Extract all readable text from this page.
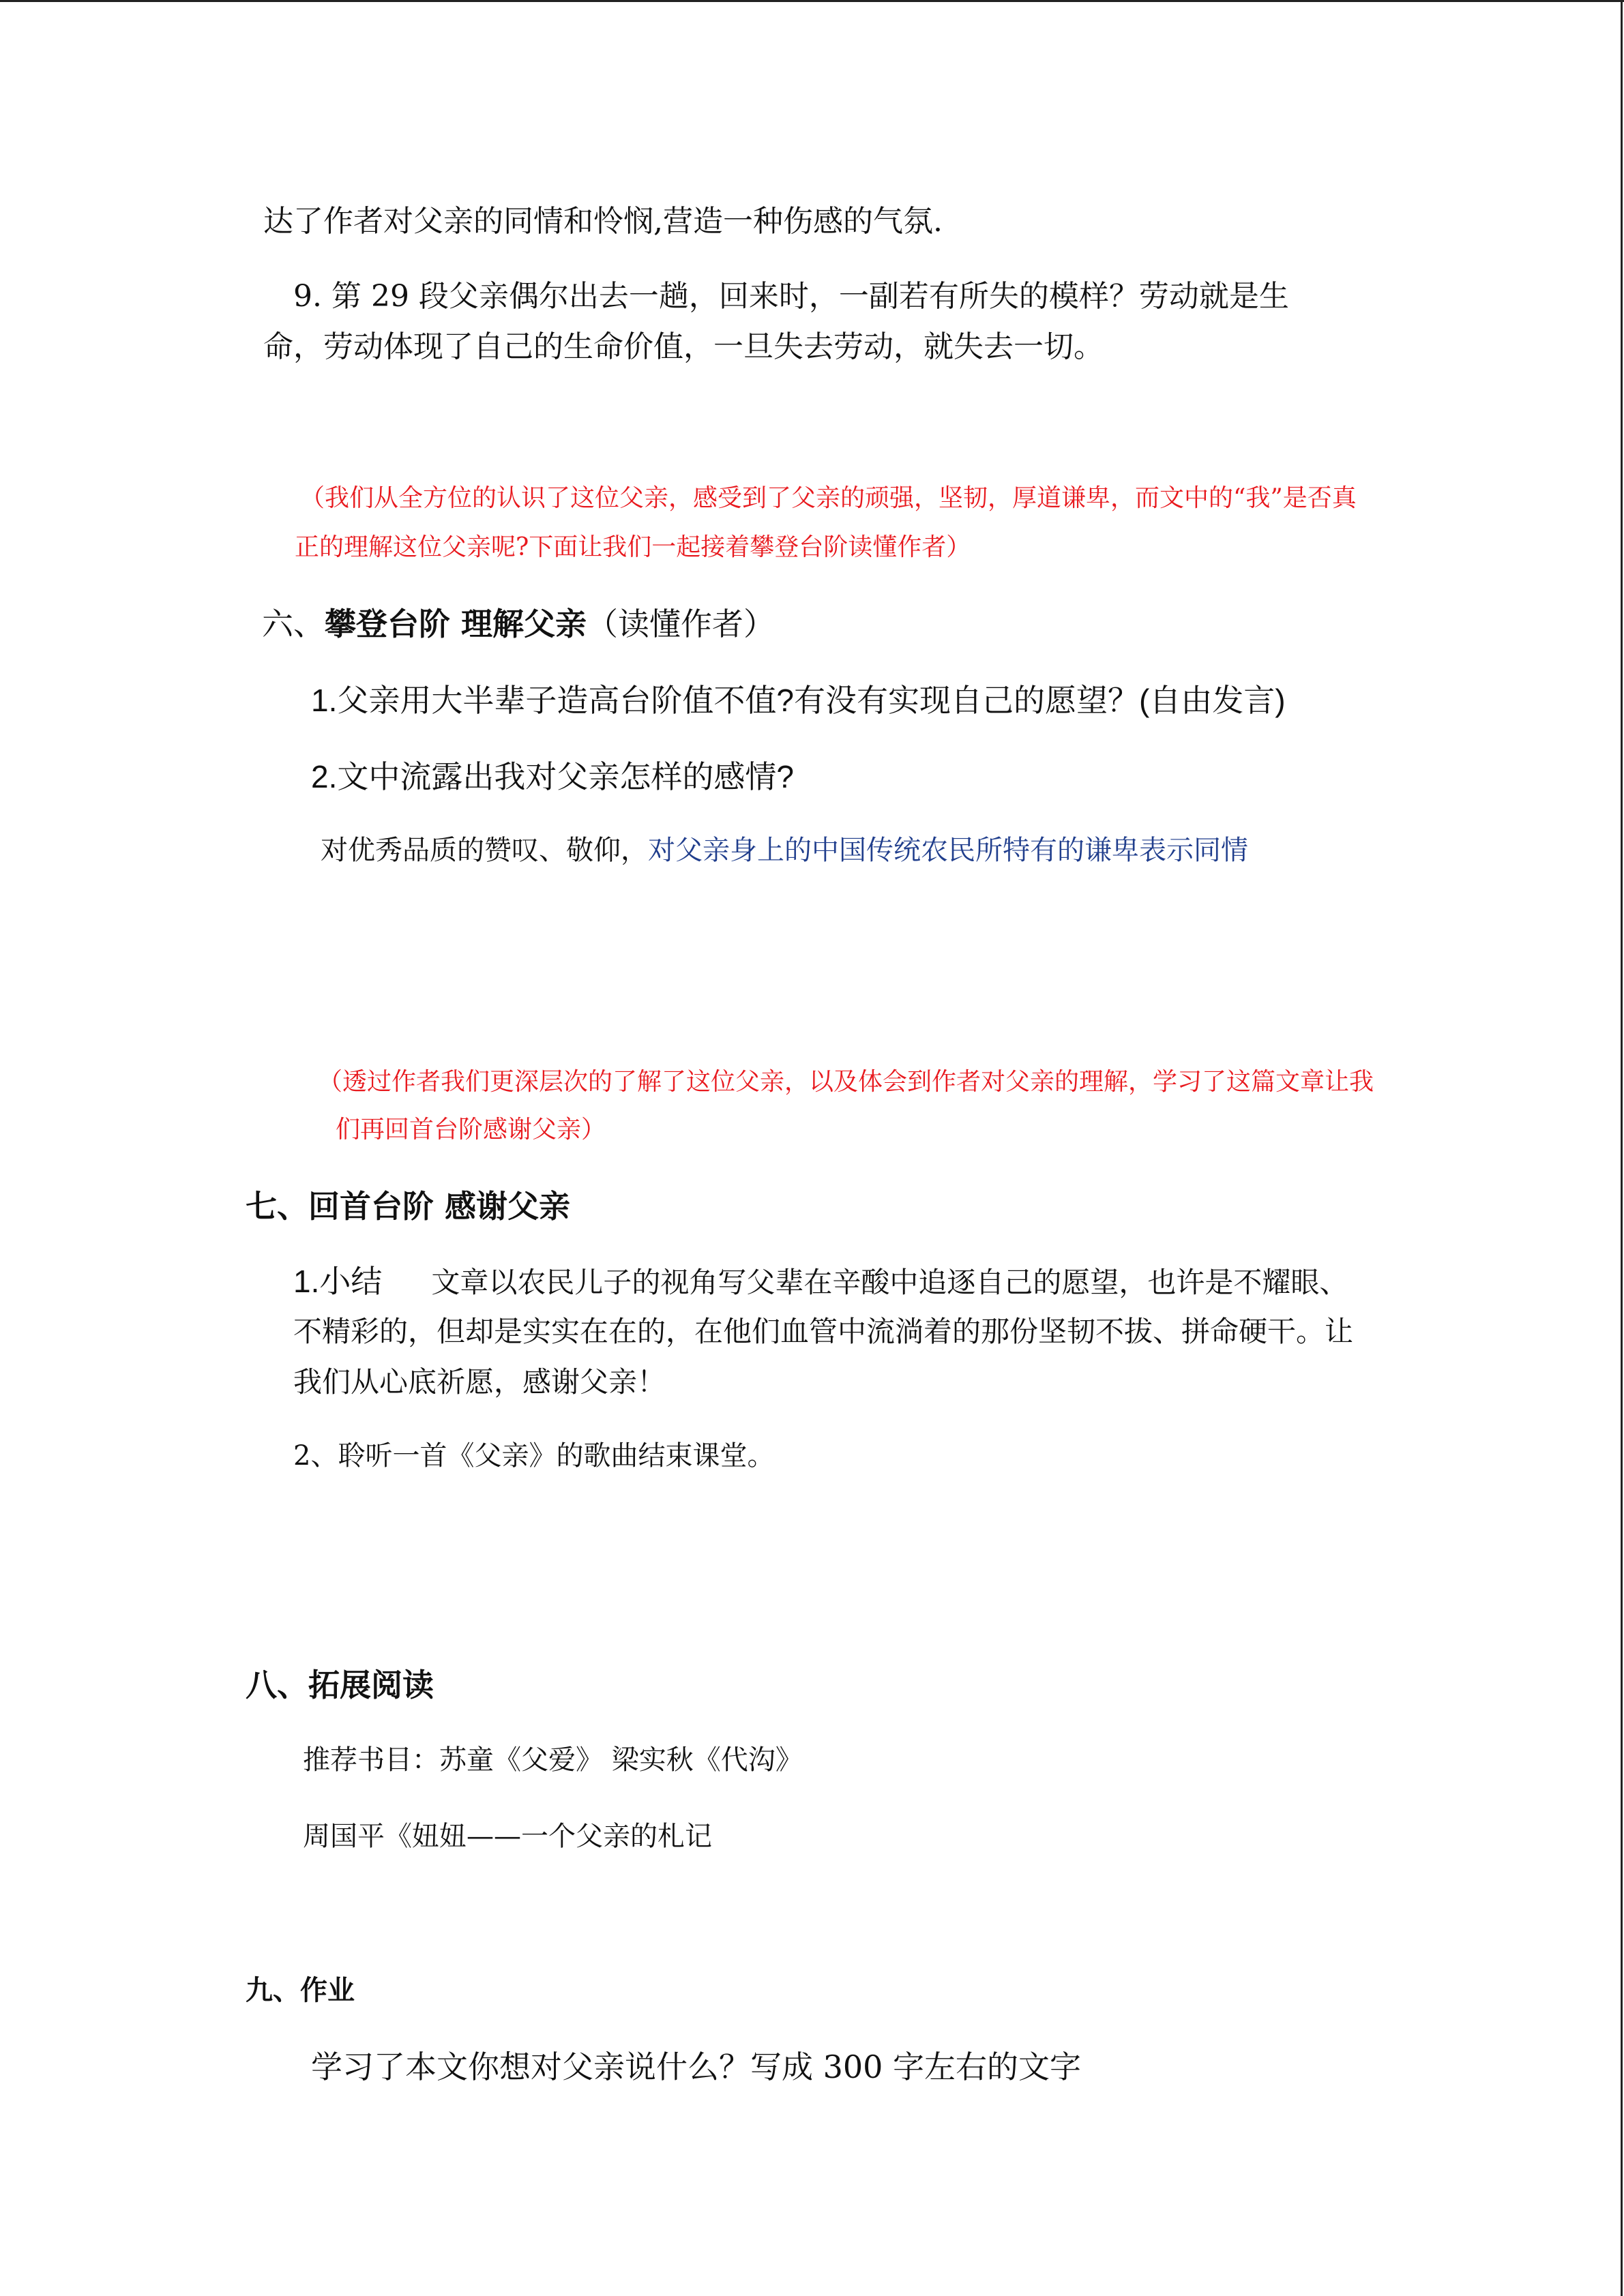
达了作者对父亲的同情和怜悯,营造一种伤感的气氛.

9. 第 29 段父亲偶尔出去一趟，回来时，一副若有所失的模样？劳动就是生

命，劳动体现了自己的生命价值，一旦失去劳动，就失去一切。

（我们从全方位的认识了这位父亲，感受到了父亲的顽强，坚韧，厚道谦卑，而文中的“我”是否真

正的理解这位父亲呢?下面让我们一起接着攀登台阶读懂作者）

六、攀登台阶 理解父亲（读懂作者）

1.父亲用大半辈子造高台阶值不值?有没有实现自己的愿望？(自由发言)

2.文中流露出我对父亲怎样的感情?

对优秀品质的赞叹、敬仰，对父亲身上的中国传统农民所特有的谦卑表示同情

（透过作者我们更深层次的了解了这位父亲，以及体会到作者对父亲的理解，学习了这篇文章让我

们再回首台阶感谢父亲）

七、回首台阶 感谢父亲

1.小结 文章以农民儿子的视角写父辈在辛酸中追逐自己的愿望，也许是不耀眼、

不精彩的，但却是实实在在的，在他们血管中流淌着的那份坚韧不拔、拼命硬干。让

我们从心底祈愿，感谢父亲！

2、聆听一首《父亲》的歌曲结束课堂。

八、拓展阅读

推荐书目：苏童《父爱》 梁实秋《代沟》

周国平《妞妞——一个父亲的札记

九、作业

学习了本文你想对父亲说什么？写成 300 字左右的文字
